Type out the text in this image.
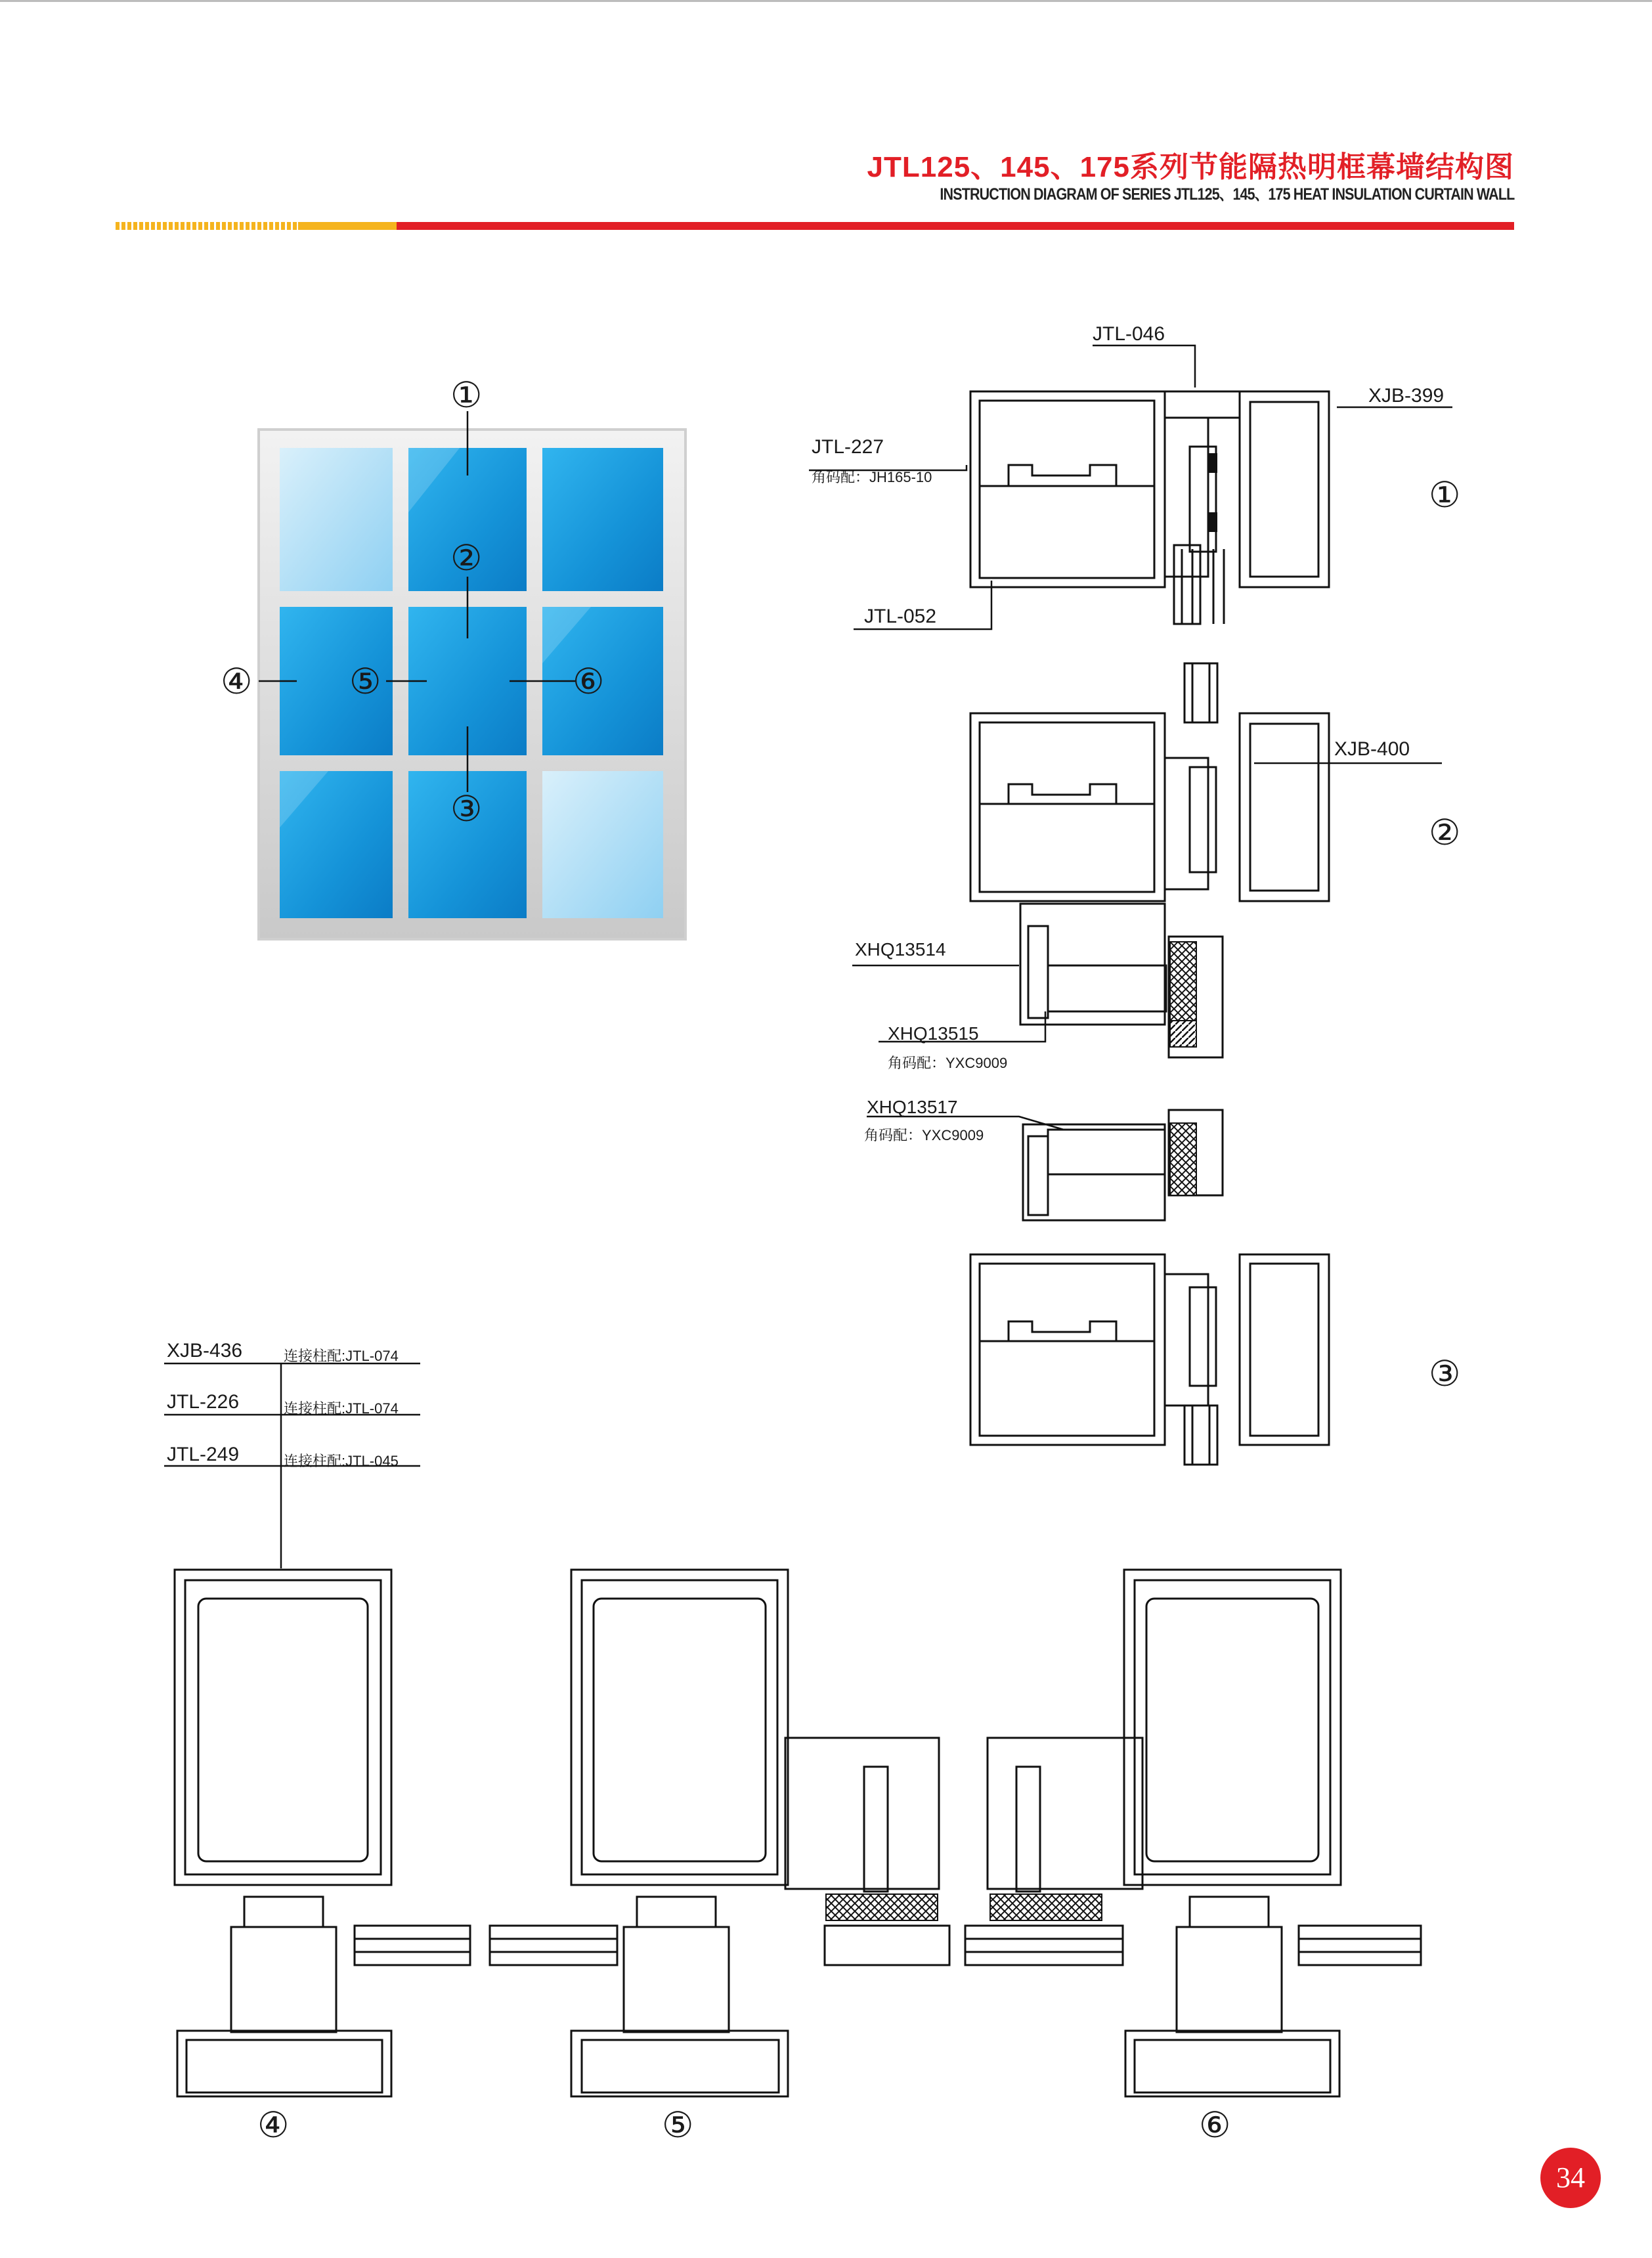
JTL125、145、175系列节能隔热明框幕墙结构图
INSTRUCTION DIAGRAM OF SERIES JTL125、145、175 HEAT INSULATION CURTAIN WALL
JTL-046
XJB-399
JTL-227
角码配：JH165-10
JTL-052
XJB-400
XHQ13514
XHQ13515
角码配：YXC9009
XHQ13517
角码配：YXC9009
XJB-436	连接柱配:JTL-074
JTL-226	连接柱配:JTL-074
JTL-249	连接柱配:JTL-045
①
②
③
④	⑤	⑥
①
②
③
④	⑤	⑥
34
